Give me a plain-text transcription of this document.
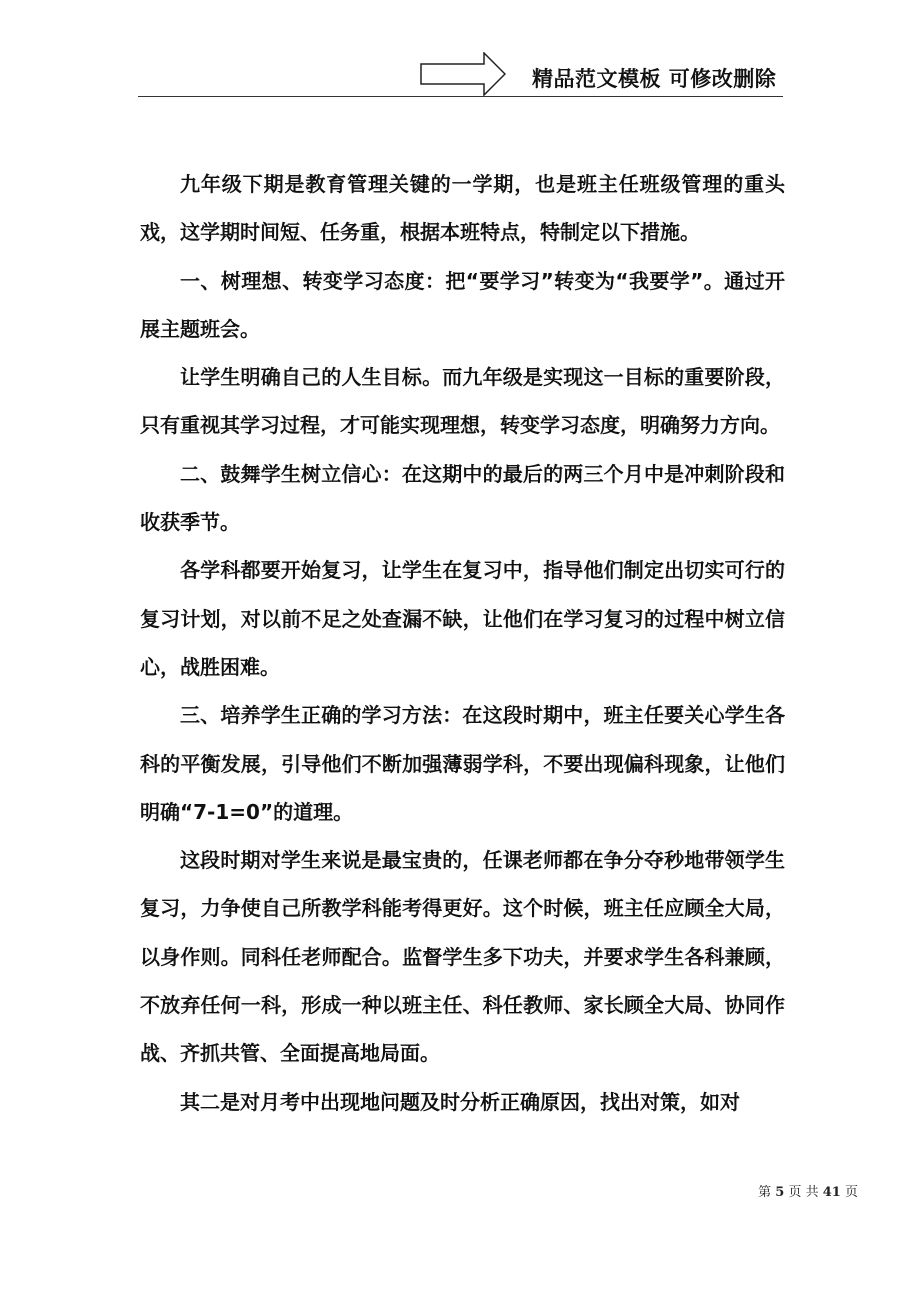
精品范文模板 可修改删除

九年级下期是教育管理关键的一学期，也是班主任班级管理的重头戏，这学期时间短、任务重，根据本班特点，特制定以下措施。

一、树理想、转变学习态度：把“要学习”转变为“我要学”。通过开展主题班会。

让学生明确自己的人生目标。而九年级是实现这一目标的重要阶段，只有重视其学习过程，才可能实现理想，转变学习态度，明确努力方向。

二、鼓舞学生树立信心：在这期中的最后的两三个月中是冲刺阶段和收获季节。

各学科都要开始复习，让学生在复习中，指导他们制定出切实可行的复习计划，对以前不足之处查漏不缺，让他们在学习复习的过程中树立信心，战胜困难。

三、培养学生正确的学习方法：在这段时期中，班主任要关心学生各科的平衡发展，引导他们不断加强薄弱学科，不要出现偏科现象，让他们明确“7-1=0”的道理。

这段时期对学生来说是最宝贵的，任课老师都在争分夺秒地带领学生复习，力争使自己所教学科能考得更好。这个时候，班主任应顾全大局，以身作则。同科任老师配合。监督学生多下功夫，并要求学生各科兼顾，不放弃任何一科，形成一种以班主任、科任教师、家长顾全大局、协同作战、齐抓共管、全面提高地局面。

其二是对月考中出现地问题及时分析正确原因，找出对策，如对

第 5 页 共 41 页
